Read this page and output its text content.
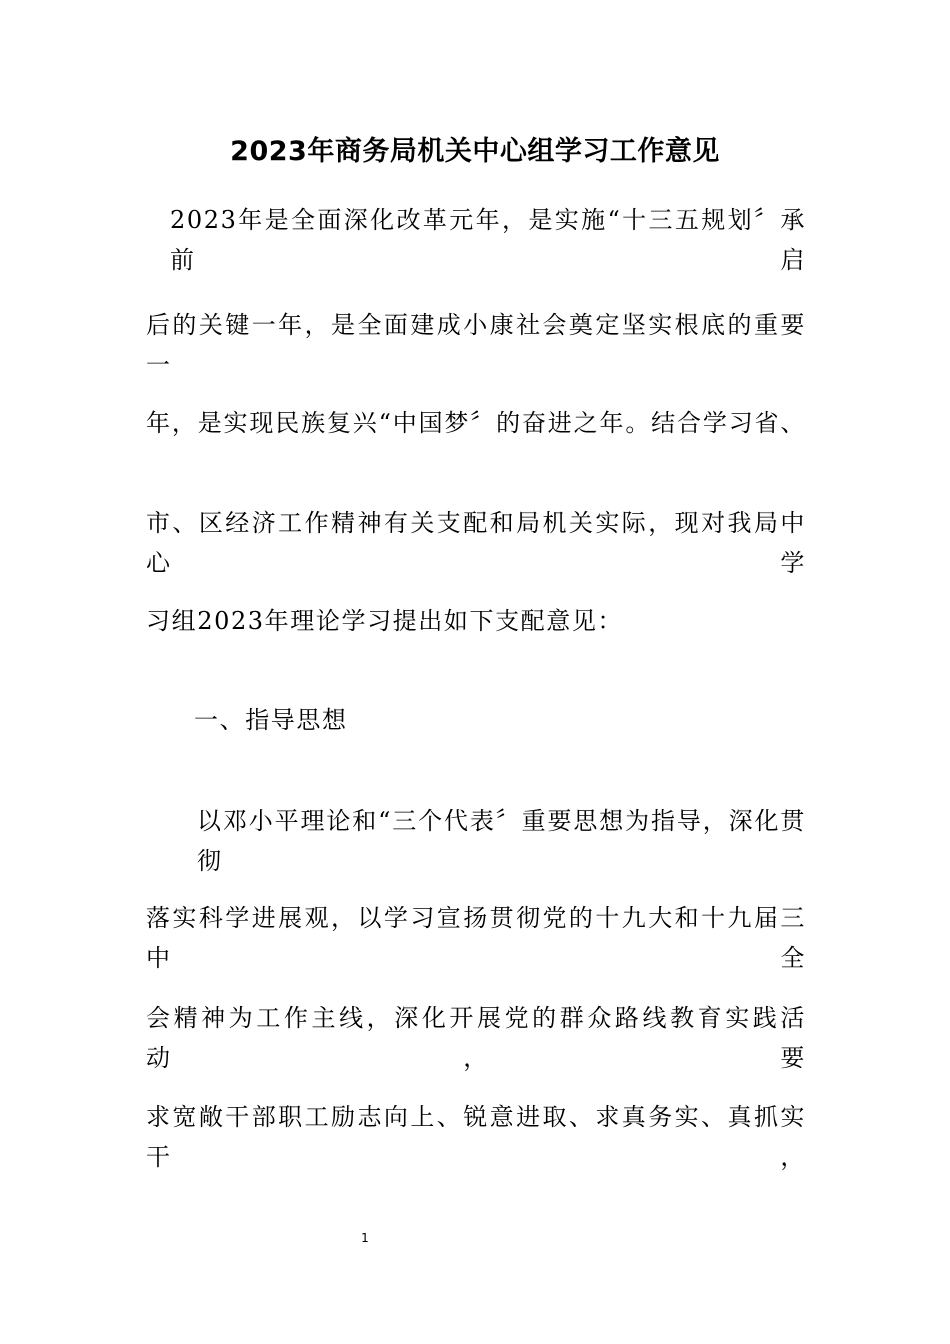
2023年商务局机关中心组学习工作意见
2023年是全面深化改革元年，是实施“十三五规划〞承前启
后的关键一年，是全面建成小康社会奠定坚实根底的重要一
年，是实现民族复兴“中国梦〞的奋进之年。结合学习省、
市、区经济工作精神有关支配和局机关实际，现对我局中心学
习组2023年理论学习提出如下支配意见：
一、指导思想
以邓小平理论和“三个代表〞重要思想为指导，深化贯彻
落实科学进展观，以学习宣扬贯彻党的十九大和十九届三中全
会精神为工作主线，深化开展党的群众路线教育实践活动，要
求宽敞干部职工励志向上、锐意进取、求真务实、真抓实干，
1
